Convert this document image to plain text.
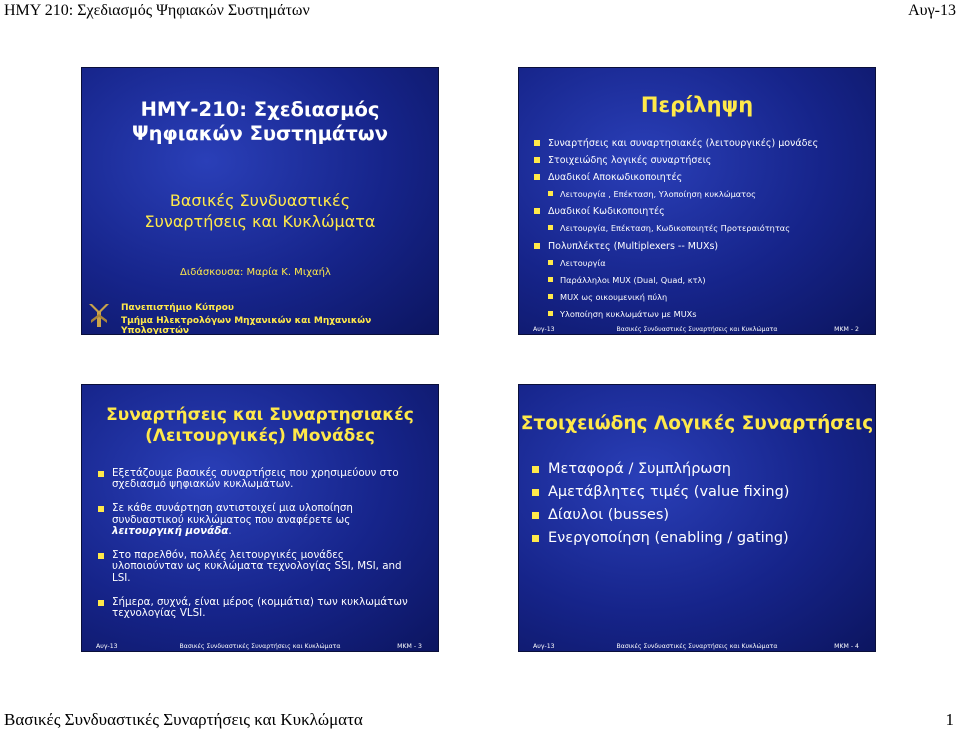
ΗΜΥ 210: Σχεδιασμός Ψηφιακών Συστημάτων	Αυγ-13
ΗΜΥ-210: Σχεδιασμός
Ψηφιακών Συστημάτων
Βασικές Συνδυαστικές
Συναρτήσεις και Κυκλώματα
Διδάσκουσα: Μαρία Κ. Μιχαήλ
Πανεπιστήμιο Κύπρου
Τμήμα Ηλεκτρολόγων Μηχανικών και Μηχανικών Υπολογιστών
Περίληψη
Συναρτήσεις και συναρτησιακές (λειτουργικές) μονάδες
Στοιχειώδης λογικές συναρτήσεις
Δυαδικοί Αποκωδικοποιητές
Λειτουργία , Επέκταση, Υλοποίηση κυκλώματος
Δυαδικοί Κωδικοποιητές
Λειτουργία, Επέκταση, Κωδικοποιητές Προτεραιότητας
Πολυπλέκτες (Multiplexers -- MUXs)
Λειτουργία
Παράλληλοι MUX (Dual, Quad, κτλ)
MUX ως οικουμενική πύλη
Υλοποίηση κυκλωμάτων με MUXs
Αυγ-13	Βασικές Συνδυαστικές Συναρτήσεις και Κυκλώματα	ΜΚΜ - 2
Συναρτήσεις και Συναρτησιακές
(Λειτουργικές) Μονάδες
Εξετάζουμε βασικές συναρτήσεις που χρησιμεύουν στο σχεδιασμό ψηφιακών κυκλωμάτων.
Σε κάθε συνάρτηση αντιστοιχεί μια υλοποίηση συνδυαστικού κυκλώματος που αναφέρετε ως λειτουργική μονάδα.
Στο παρελθόν, πολλές λειτουργικές μονάδες υλοποιούνταν ως κυκλώματα τεχνολογίας SSI, MSI, and LSI.
Σήμερα, συχνά, είναι μέρος (κομμάτια) των κυκλωμάτων τεχνολογίας VLSI.
Αυγ-13	Βασικές Συνδυαστικές Συναρτήσεις και Κυκλώματα	ΜΚΜ - 3
Στοιχειώδης Λογικές Συναρτήσεις
Μεταφορά / Συμπλήρωση
Αμετάβλητες τιμές (value fixing)
Δίαυλοι (busses)
Ενεργοποίηση (enabling / gating)
Αυγ-13	Βασικές Συνδυαστικές Συναρτήσεις και Κυκλώματα	ΜΚΜ - 4
Βασικές Συνδυαστικές Συναρτήσεις και Κυκλώματα	1
